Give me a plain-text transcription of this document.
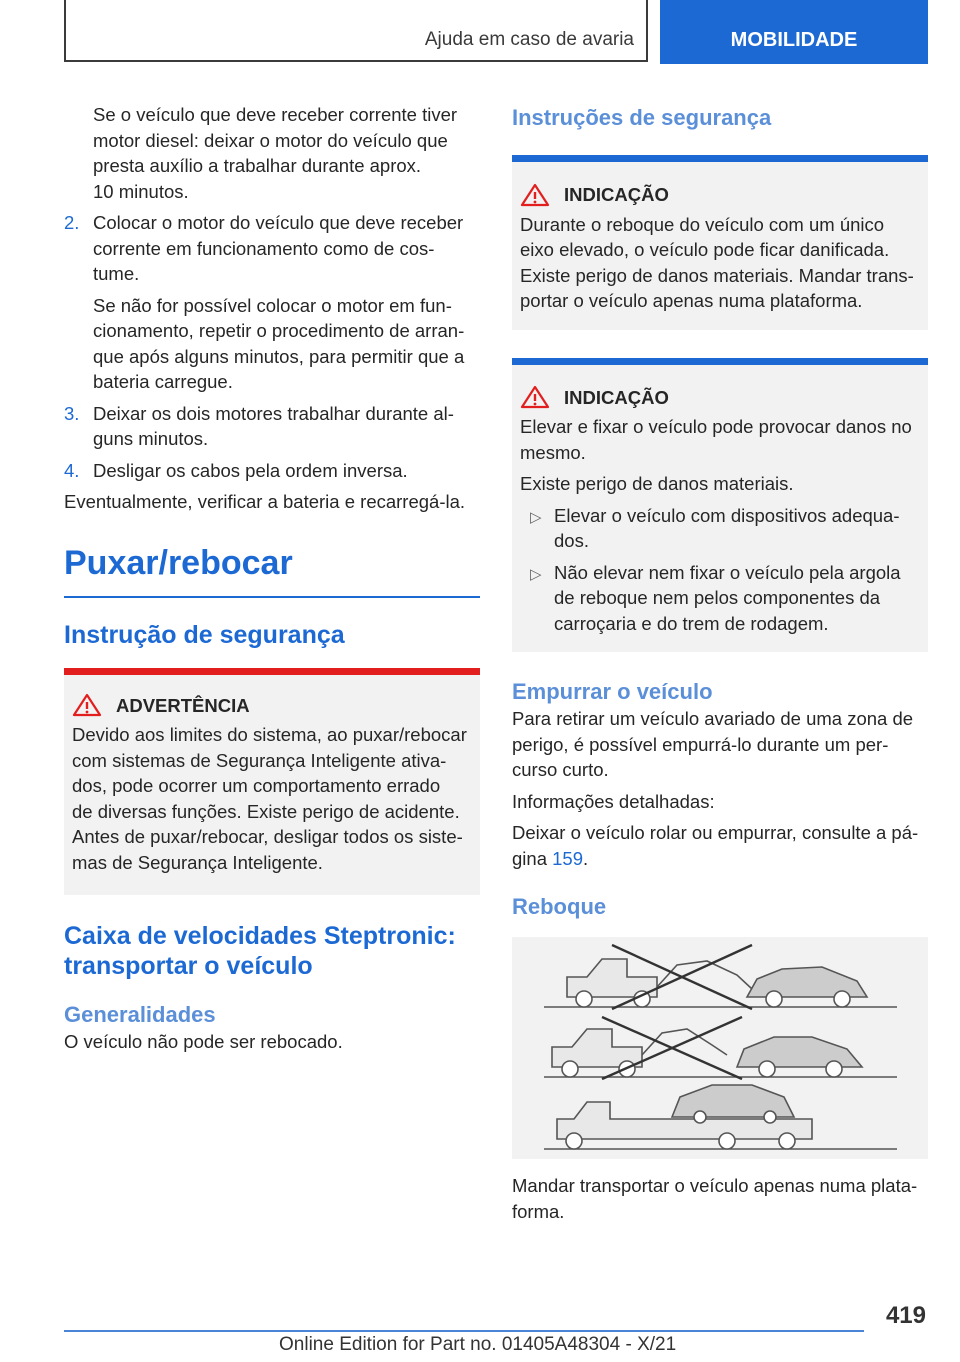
Ajuda em caso de avaria	MOBILIDADE

Se o veículo que deve receber corrente tiver

motor diesel: deixar o motor do veículo que

presta auxílio a trabalhar durante aprox.

10 minutos.

2. Colocar o motor do veículo que deve receber

corrente em funcionamento como de cos-

tume.

Se não for possível colocar o motor em fun-

cionamento, repetir o procedimento de arran-

que após alguns minutos, para permitir que a

bateria carregue.

3. Deixar os dois motores trabalhar durante al-

guns minutos.

4. Desligar os cabos pela ordem inversa.

Eventualmente, verificar a bateria e recarregá-la.

Puxar/rebocar
Instrução de segurança
ADVERTÊNCIA

Devido aos limites do sistema, ao puxar/rebocar

com sistemas de Segurança Inteligente ativa-

dos, pode ocorrer um comportamento errado

de diversas funções. Existe perigo de acidente.

Antes de puxar/rebocar, desligar todos os siste-

mas de Segurança Inteligente.

Caixa de velocidades Steptronic:
transportar o veículo
Generalidades

O veículo não pode ser rebocado.

Instruções de segurança
INDICAÇÃO

Durante o reboque do veículo com um único

eixo elevado, o veículo pode ficar danificada.

Existe perigo de danos materiais. Mandar trans-

portar o veículo apenas numa plataforma.

INDICAÇÃO

Elevar e fixar o veículo pode provocar danos no

mesmo.

Existe perigo de danos materiais.

▷ Elevar o veículo com dispositivos adequa-

dos.

▷ Não elevar nem fixar o veículo pela argola

de reboque nem pelos componentes da

carroçaria e do trem de rodagem.

Empurrar o veículo

Para retirar um veículo avariado de uma zona de

perigo, é possível empurrá-lo durante um per-

curso curto.

Informações detalhadas:

Deixar o veículo rolar ou empurrar, consulte a pá-

gina 159.

Reboque

Mandar transportar o veículo apenas numa plata-

forma.

419
Online Edition for Part no. 01405A48304 - X/21
